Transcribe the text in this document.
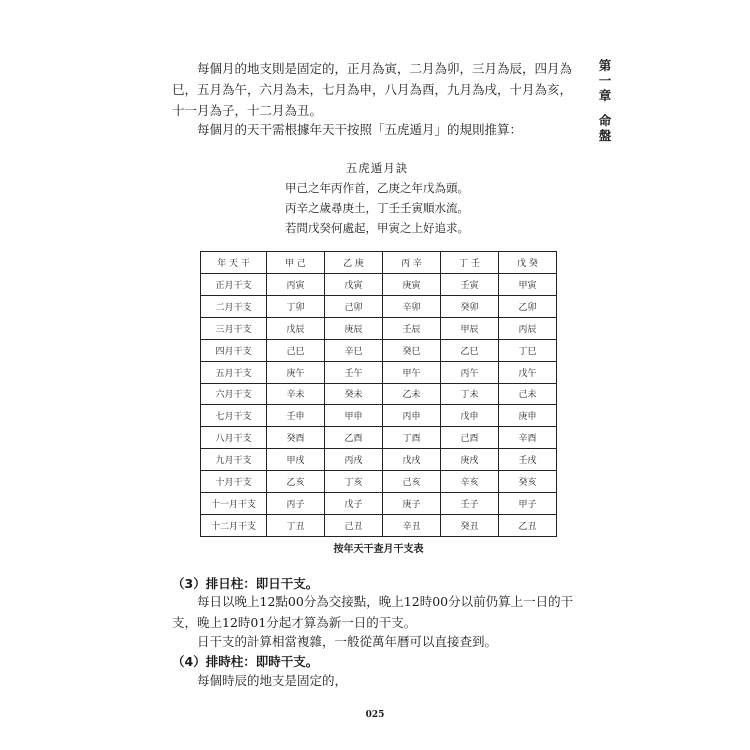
每個月的地支則是固定的，正月為寅，二月為卯，三月為辰，四月為巳，五月為午，六月為未，七月為申，八月為酉，九月為戌，十月為亥，十一月為子，十二月為丑。

每個月的天干需根據年天干按照「五虎遁月」的規則推算：

第一章
命盤
五虎遁月訣
甲己之年丙作首，乙庚之年戊為頭。
丙辛之歲尋庚土，丁壬壬寅順水流。
若問戊癸何處起，甲寅之上好追求。
年 天 干	甲 己	乙 庚	丙 辛	丁 壬	戊 癸
正月干支	丙寅	戊寅	庚寅	壬寅	甲寅
二月干支	丁卯	己卯	辛卯	癸卯	乙卯
三月干支	戊辰	庚辰	壬辰	甲辰	丙辰
四月干支	己巳	辛巳	癸巳	乙巳	丁巳
五月干支	庚午	壬午	甲午	丙午	戊午
六月干支	辛未	癸未	乙未	丁未	己未
七月干支	壬申	甲申	丙申	戊申	庚申
八月干支	癸酉	乙酉	丁酉	己酉	辛酉
九月干支	甲戌	丙戌	戊戌	庚戌	壬戌
十月干支	乙亥	丁亥	己亥	辛亥	癸亥
十一月干支	丙子	戊子	庚子	壬子	甲子
十二月干支	丁丑	己丑	辛丑	癸丑	乙丑
按年天干查月干支表
（3）排日柱：即日干支。

每日以晚上12點00分為交接點，晚上12時00分以前仍算上一日的干支，晚上12時01分起才算為新一日的干支。

日干支的計算相當複雜，一般從萬年曆可以直接查到。

（4）排時柱：即時干支。

每個時辰的地支是固定的，

025
